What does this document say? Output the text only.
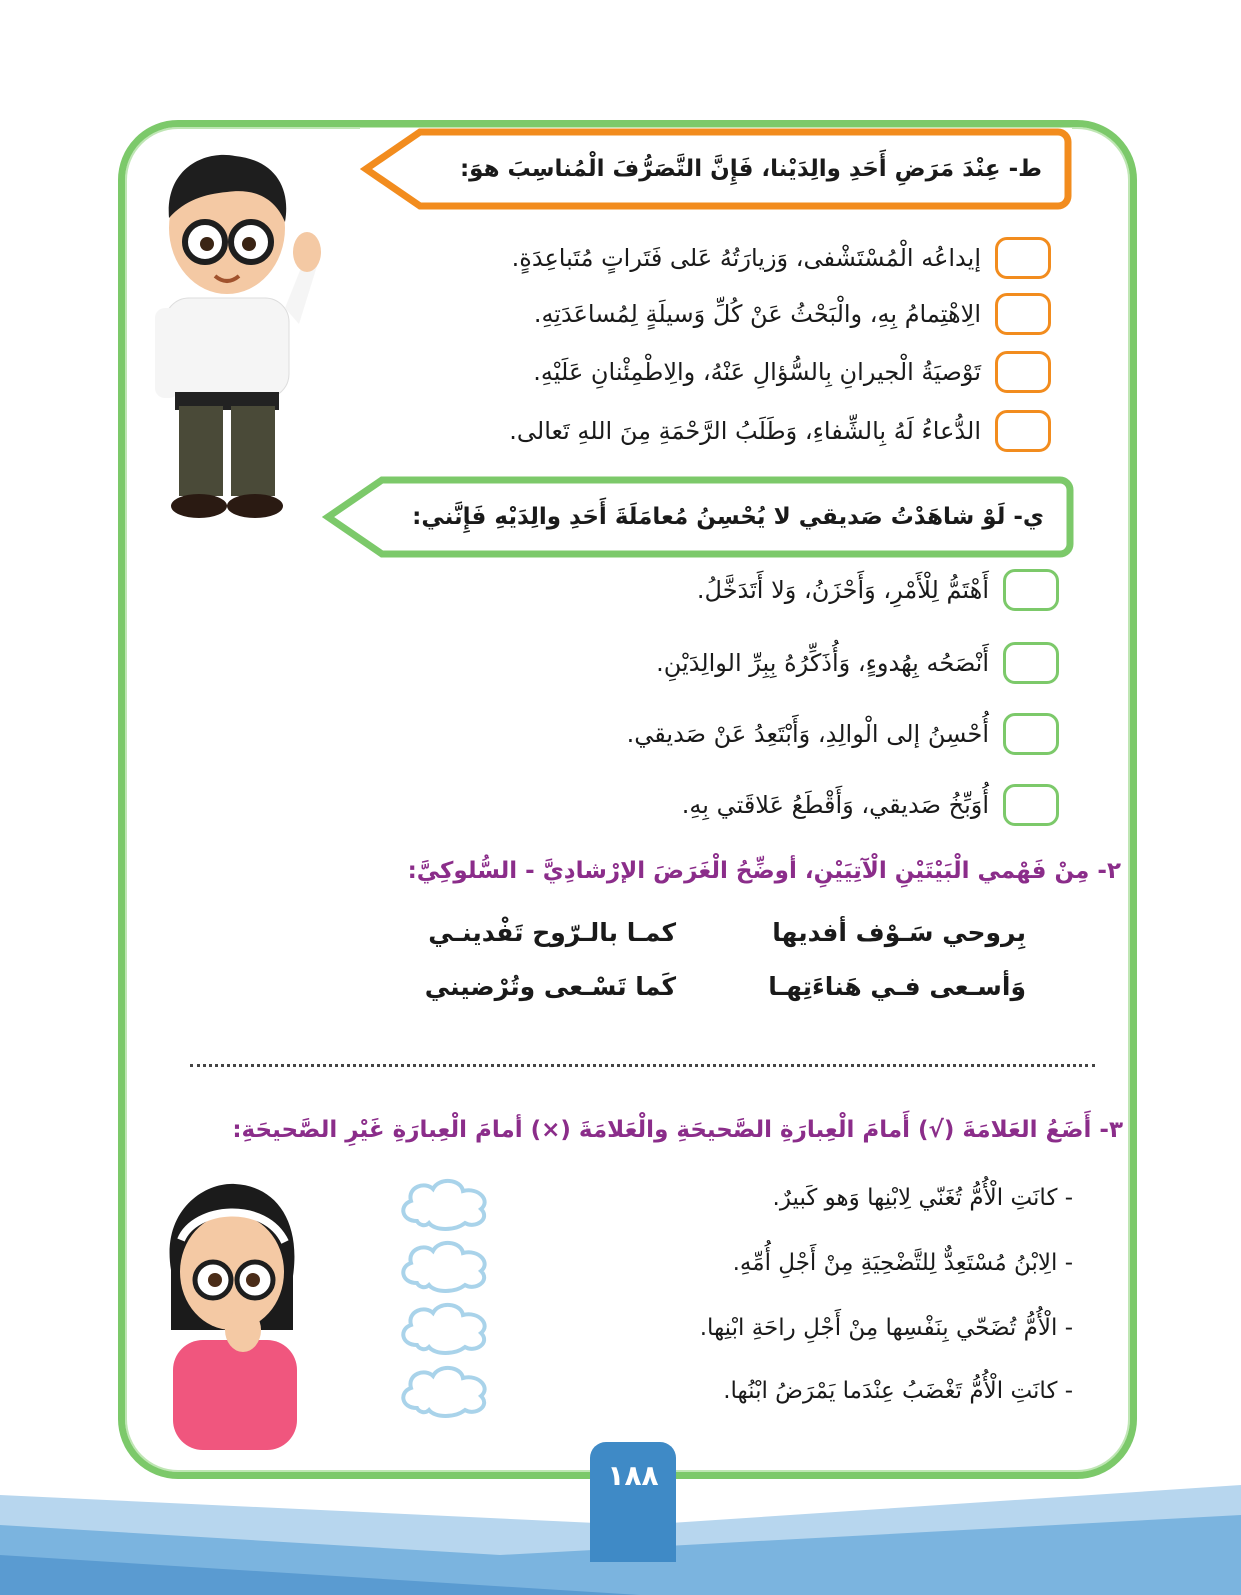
ط- عِنْدَ مَرَضِ أَحَدِ والِدَيْنا، فَإِنَّ التَّصَرُّفَ الْمُناسِبَ هوَ:
إيداعُه الْمُسْتَشْفى، وَزيارَتُهُ عَلى فَتَراتٍ مُتَباعِدَةٍ.
الِاهْتِمامُ بِهِ، والْبَحْثُ عَنْ كُلِّ وَسيلَةٍ لِمُساعَدَتِهِ.
تَوْصيَةُ الْجيرانِ بِالسُّؤالِ عَنْهُ، والِاطْمِئْنانِ عَلَيْهِ.
الدُّعاءُ لَهُ بِالشِّفاءِ، وَطَلَبُ الرَّحْمَةِ مِنَ اللهِ تَعالى.
ي- لَوْ شاهَدْتُ صَديقي لا يُحْسِنُ مُعامَلَةَ أَحَدِ والِدَيْهِ فَإِنَّني:
أَهْتَمُّ لِلْأَمْرِ، وَأَحْزَنُ، وَلا أَتَدَخَّلُ.
أَنْصَحُه بِهُدوءٍ، وَأُذَكِّرُهُ بِبِرِّ الوالِدَيْنِ.
أُحْسِنُ إلى الْوالِدِ، وَأَبْتَعِدُ عَنْ صَديقي.
أُوَبِّخُ صَديقي، وَأَقْطَعُ عَلاقَتي بِهِ.
٢- مِنْ فَهْمي الْبَيْتَيْنِ الْآتِيَيْنِ، أوضِّحُ الْغَرَضَ الإرْشادِيَّ - السُّلوكِيَّ:
بِروحي سَـوْف أفديها
كمـا بالـرّوح تَفْدينـي
وَأسـعى فـي هَناءَتِهـا
كَما تَسْـعى وتُرْضيني
٣- أَضَعُ العَلامَةَ (√) أَمامَ الْعِبارَةِ الصَّحيحَةِ والْعَلامَةَ (×) أمامَ الْعِبارَةِ غَيْرِ الصَّحيحَةِ:
- كانَتِ الْأُمُّ تُغَنّي لِابْنِها وَهو كَبيرٌ.
- الِابْنُ مُسْتَعِدٌّ لِلتَّضْحِيَةِ مِنْ أَجْلِ أُمِّهِ.
- الْأُمُّ تُضَحّي بِنَفْسِها مِنْ أَجْلِ راحَةِ ابْنِها.
- كانَتِ الْأُمُّ تَغْضَبُ عِنْدَما يَمْرَضُ ابْنُها.
١٨٨
